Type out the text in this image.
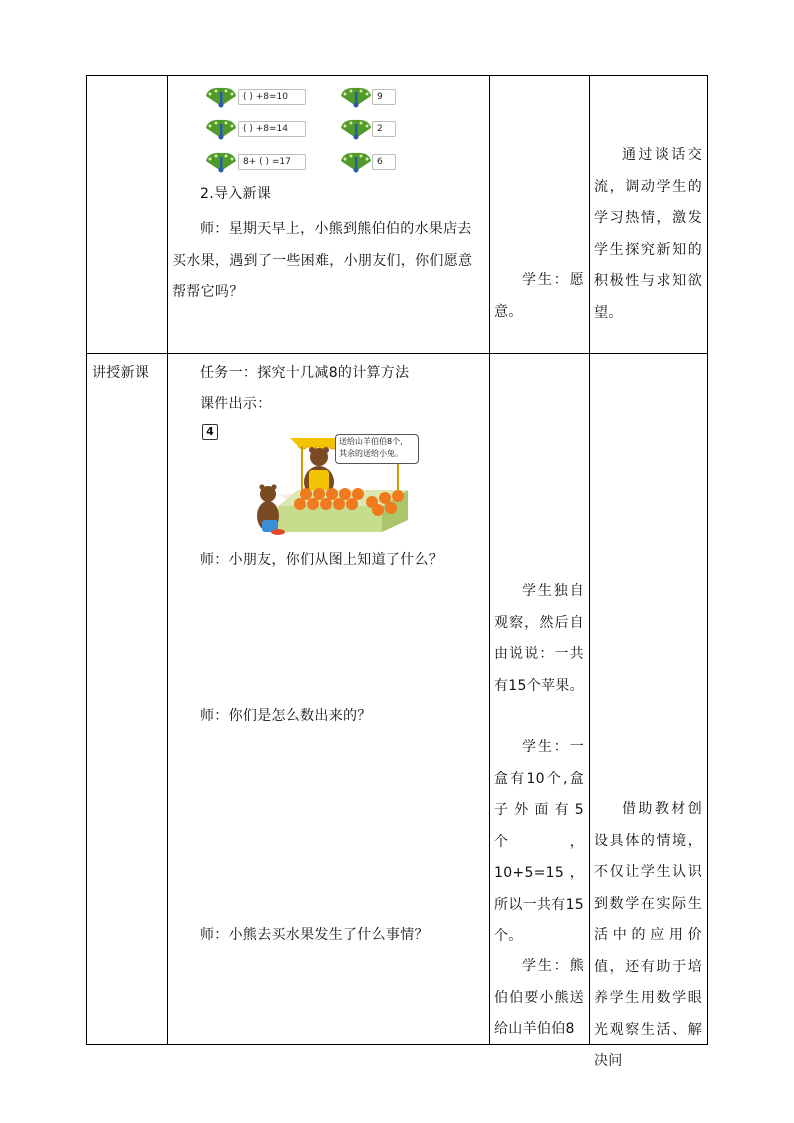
( ) +8=10
( ) +8=14
8+ ( ) =17
9
2
6
2.导入新课
师：星期天早上，小熊到熊伯伯的水果店去买水果，遇到了一些困难，小朋友们，你们愿意帮帮它吗？
学生：愿意。
通过谈话交流，调动学生的学习热情，激发学生探究新知的积极性与求知欲望。
讲授新课	任务一：探究十几减8的计算方法
课件出示：
4
送给山羊伯伯8个，
其余的送给小兔。
师：小朋友，你们从图上知道了什么？
师：你们是怎么数出来的？
师：小熊去买水果发生了什么事情？
学生独自观察，然后自由说说：一共有15个苹果。
学生：一盒有10个,盒子外面有5个，10+5=15，所以一共有15个。
学生：熊伯伯要小熊送给山羊伯伯8
借助教材创设具体的情境，不仅让学生认识到数学在实际生活中的应用价值，还有助于培养学生用数学眼光观察生活、解决问
